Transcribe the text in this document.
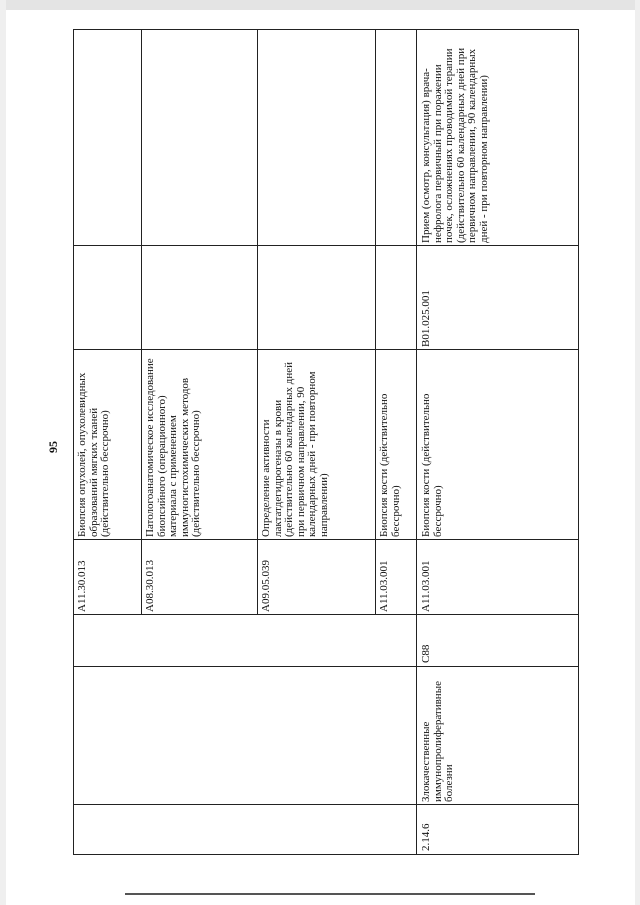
95
A11.30.013
Биопсия опухолей, опухолевидных образований мягких тканей (действительно бессрочно)
A08.30.013
Патологоанатомическое исследование биопсийного (операционного) материала с применением иммуногистохимических методов (действительно бессрочно)
A09.05.039
Определение активности лактатдегидрогеназы в крови (действительно 60 календарных дней при первичном направлении, 90 календарных дней - при повторном направлении)
A11.03.001
Биопсия кости (действительно бессрочно)
2.14.6
Злокачественные иммунопролиферативные болезни
C88
A11.03.001
Биопсия кости (действительно бессрочно)
B01.025.001
Прием (осмотр, консультация) врача-нефролога первичный при поражении почек, осложнениях проводимой терапии (действительно 60 календарных дней при первичном направлении, 90 календарных дней - при повторном направлении)
